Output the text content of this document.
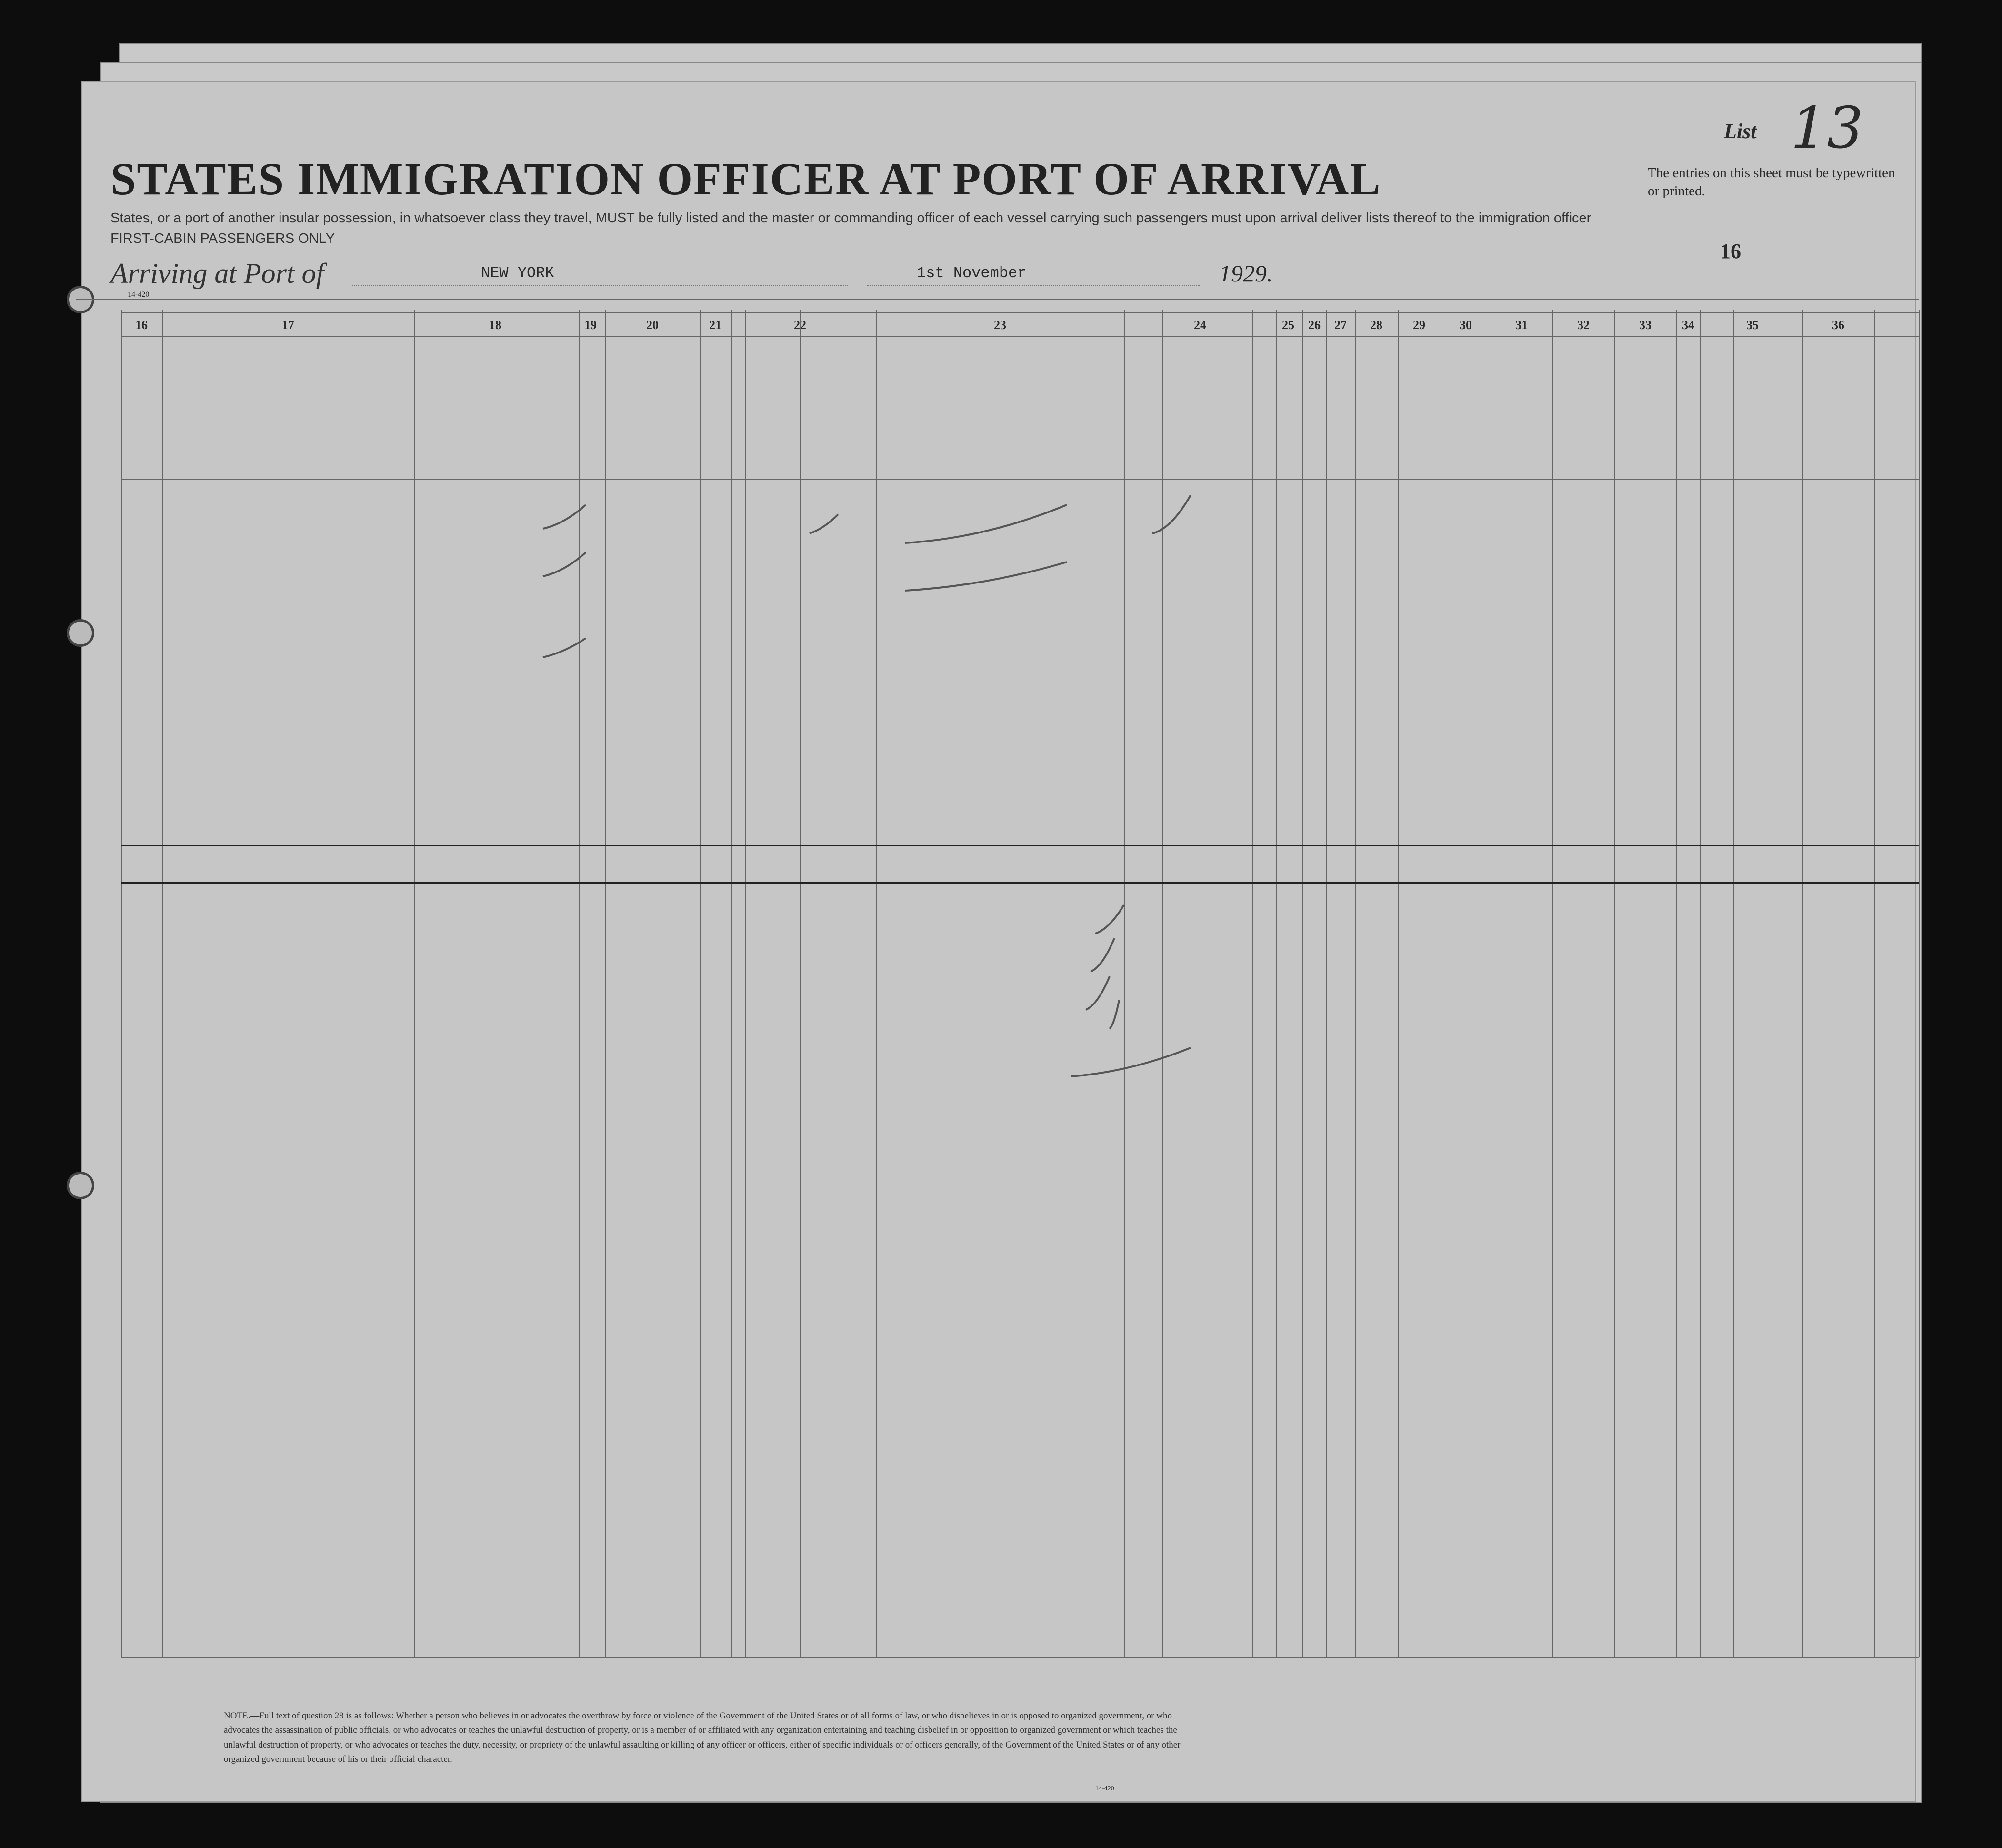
List 13
STATES IMMIGRATION OFFICER AT PORT OF ARRIVAL	The entries on this sheet must be typewritten or printed.
States, or a port of another insular possession, in whatsoever class they travel, MUST be fully listed and the master or commanding officer of each vessel carrying such passengers must upon arrival deliver lists thereof to the immigration officer
FIRST-CABIN PASSENGERS ONLY
16
Arriving at Port of	NEW YORK	1st November	1929.
14-420
16	17	18	19	20	21	22	23	24	25	26	27	28	29	30	31	32	33	34	35	36
NOTE.—Full text of question 28 is as follows: Whether a person who believes in or advocates the overthrow by force or violence of the Government of the United States or of all forms of law, or who disbelieves in or is opposed to organized government, or who advocates the assassination of public officials, or who advocates or teaches the unlawful destruction of property, or is a member of or affiliated with any organization entertaining and teaching disbelief in or opposition to organized government or which teaches the unlawful destruction of property, or who advocates or teaches the duty, necessity, or propriety of the unlawful assaulting or killing of any officer or officers, either of specific individuals or of officers generally, of the Government of the United States or of any other organized government because of his or their official character.
14-420
